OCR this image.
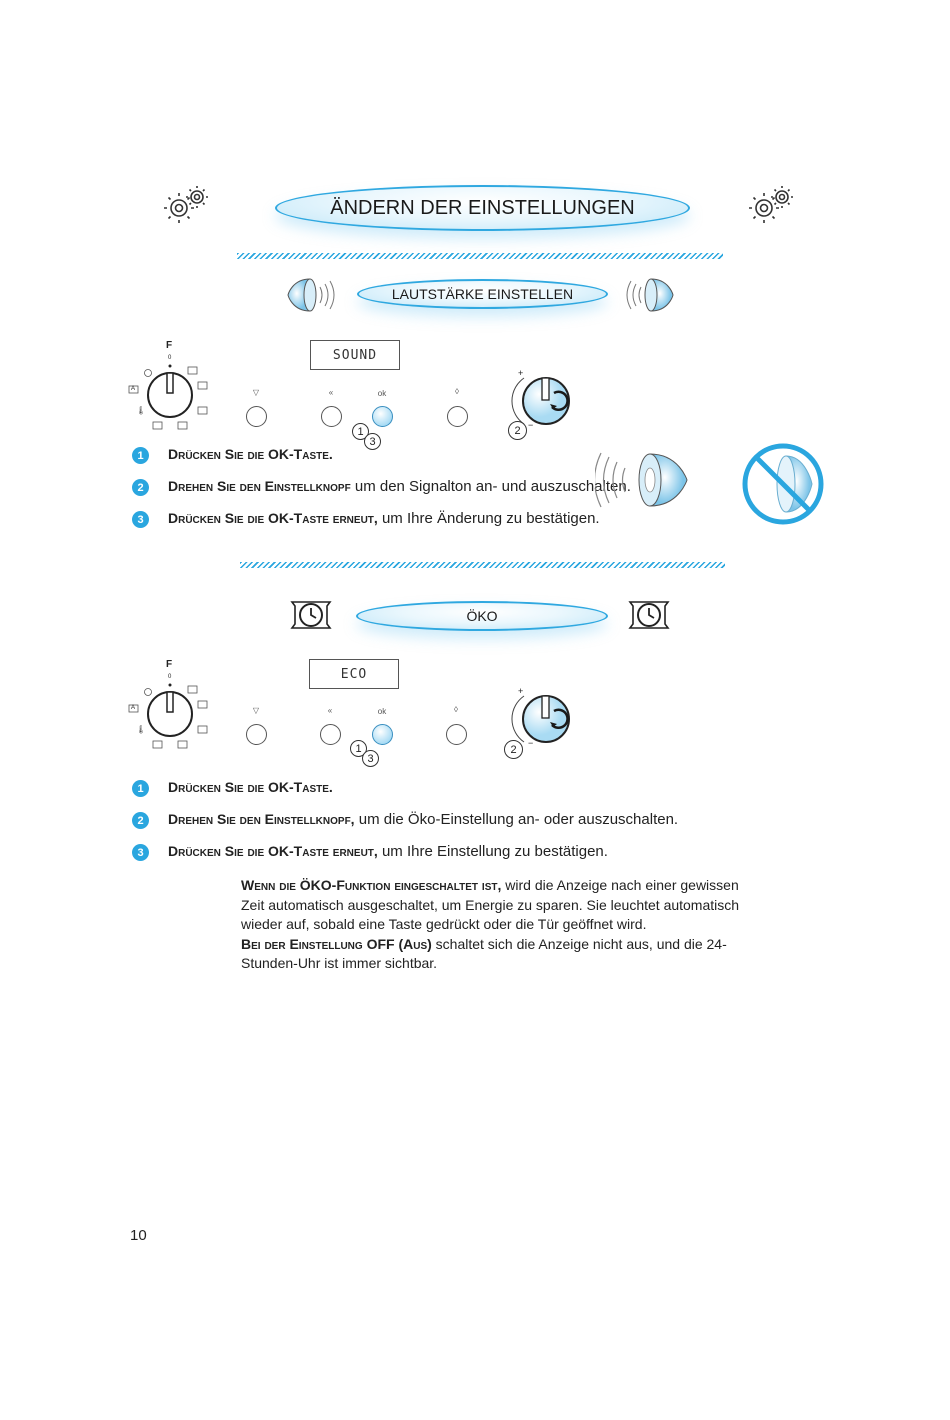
ÄNDERN DER EINSTELLUNGEN
LAUTSTÄRKE EINSTELLEN
🌡
F
0
A
SOUND
▽	«	ok	◊
1
3
+
−
2
1 Drücken Sie die OK-Taste.
2 Drehen Sie den Einstellknopf um den Signalton an- und auszuschalten.
3 Drücken Sie die OK-Taste erneut, um Ihre Änderung zu bestätigen.
ÖKO
🌡
F
0
A
ECO
▽	«	ok	◊
1
3
+
−
2
1 Drücken Sie die OK-Taste.
2 Drehen Sie den Einstellknopf, um die Öko-Einstellung an- oder auszuschalten.
3 Drücken Sie die OK-Taste erneut, um Ihre Einstellung zu bestätigen.
Wenn die ÖKO-Funktion eingeschaltet ist, wird die Anzeige nach einer gewissen Zeit automatisch ausgeschaltet, um Energie zu sparen. Sie leuchtet automatisch wieder auf, sobald eine Taste gedrückt oder die Tür geöffnet wird.
Bei der Einstellung OFF (Aus) schaltet sich die Anzeige nicht aus, und die 24-Stunden-Uhr ist immer sichtbar.
10
